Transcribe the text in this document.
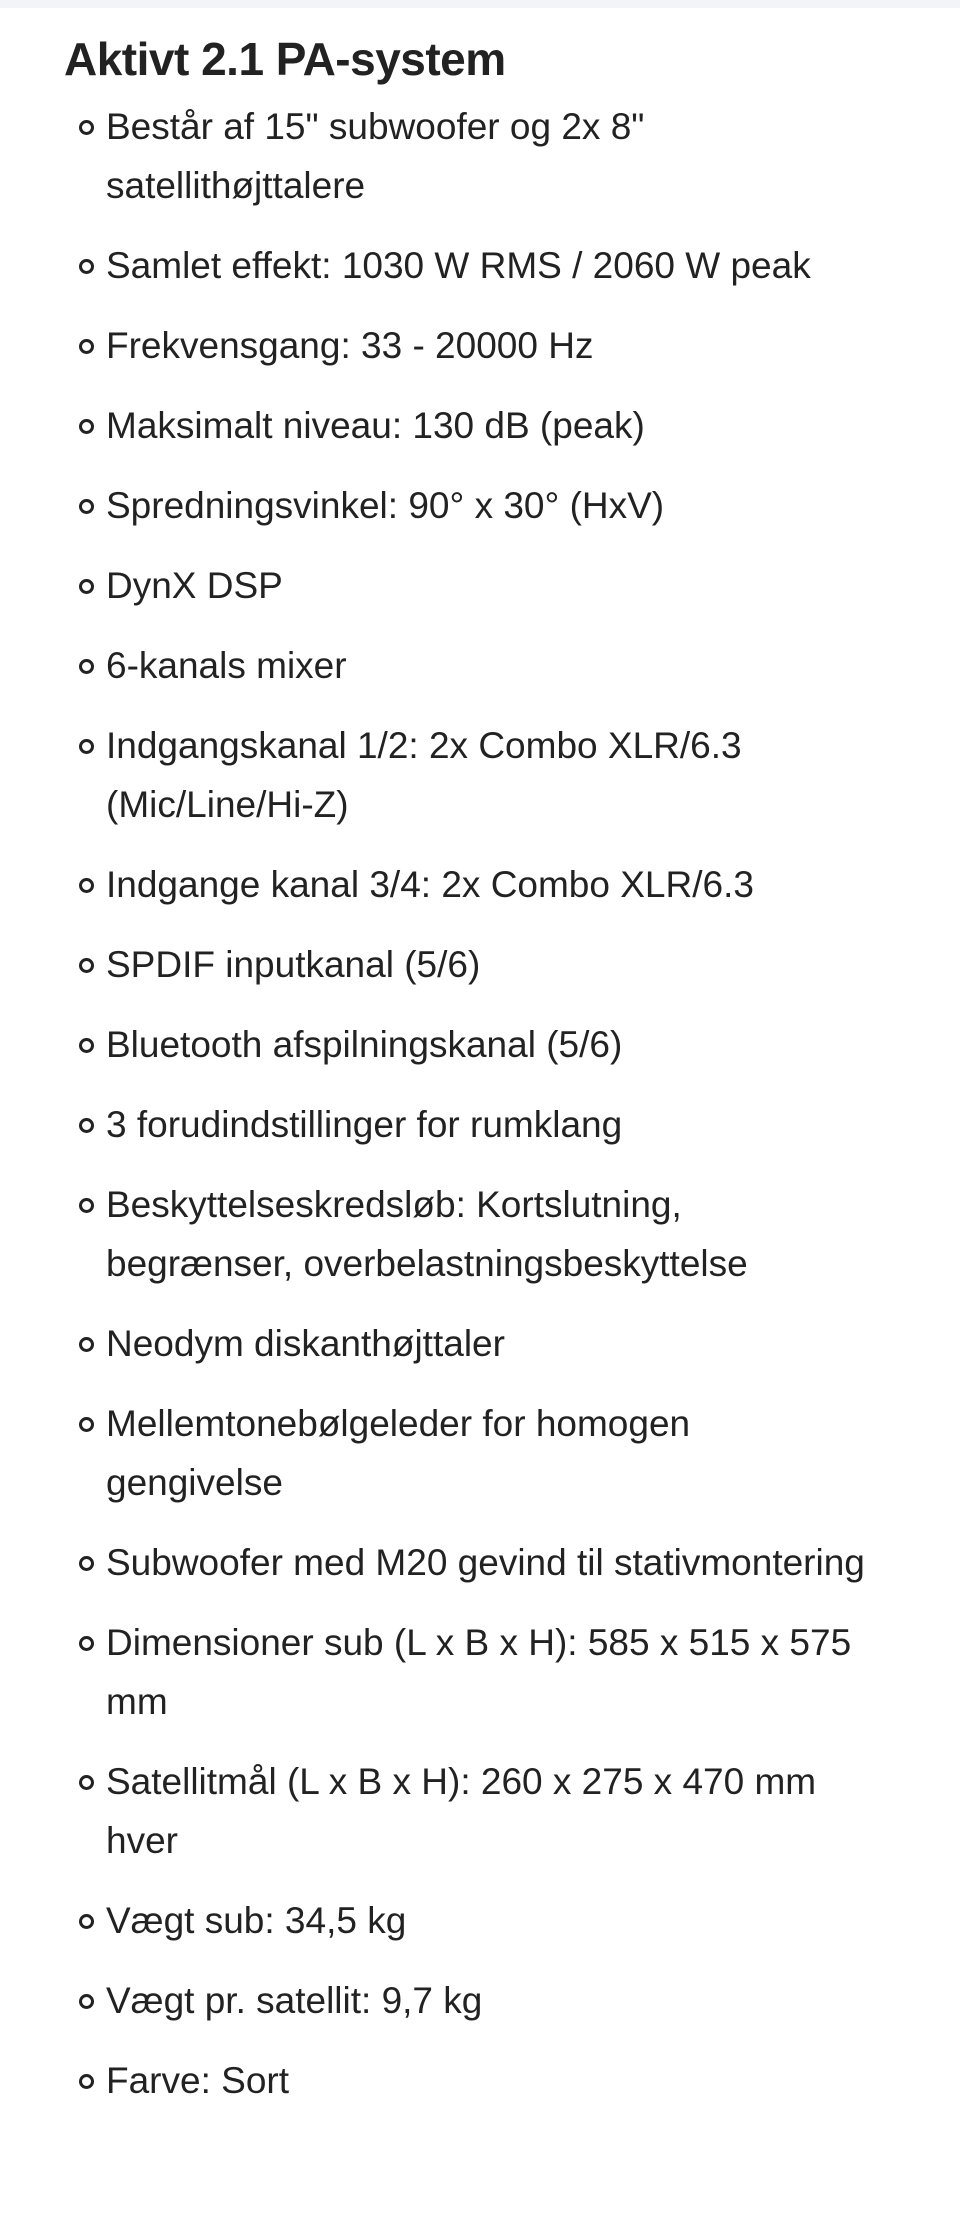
Aktivt 2.1 PA-system
Består af 15" subwoofer og 2x 8" satellithøjttalere
Samlet effekt: 1030 W RMS / 2060 W peak
Frekvensgang: 33 - 20000 Hz
Maksimalt niveau: 130 dB (peak)
Spredningsvinkel: 90° x 30° (HxV)
DynX DSP
6-kanals mixer
Indgangskanal 1/2: 2x Combo XLR/6.3 (Mic/Line/Hi-Z)
Indgange kanal 3/4: 2x Combo XLR/6.3
SPDIF inputkanal (5/6)
Bluetooth afspilningskanal (5/6)
3 forudindstillinger for rumklang
Beskyttelseskredsløb: Kortslutning, begrænser, overbelastningsbeskyttelse
Neodym diskanthøjttaler
Mellemtonebølgeleder for homogen gengivelse
Subwoofer med M20 gevind til stativmontering
Dimensioner sub (L x B x H): 585 x 515 x 575 mm
Satellitmål (L x B x H): 260 x 275 x 470 mm hver
Vægt sub: 34,5 kg
Vægt pr. satellit: 9,7 kg
Farve: Sort
